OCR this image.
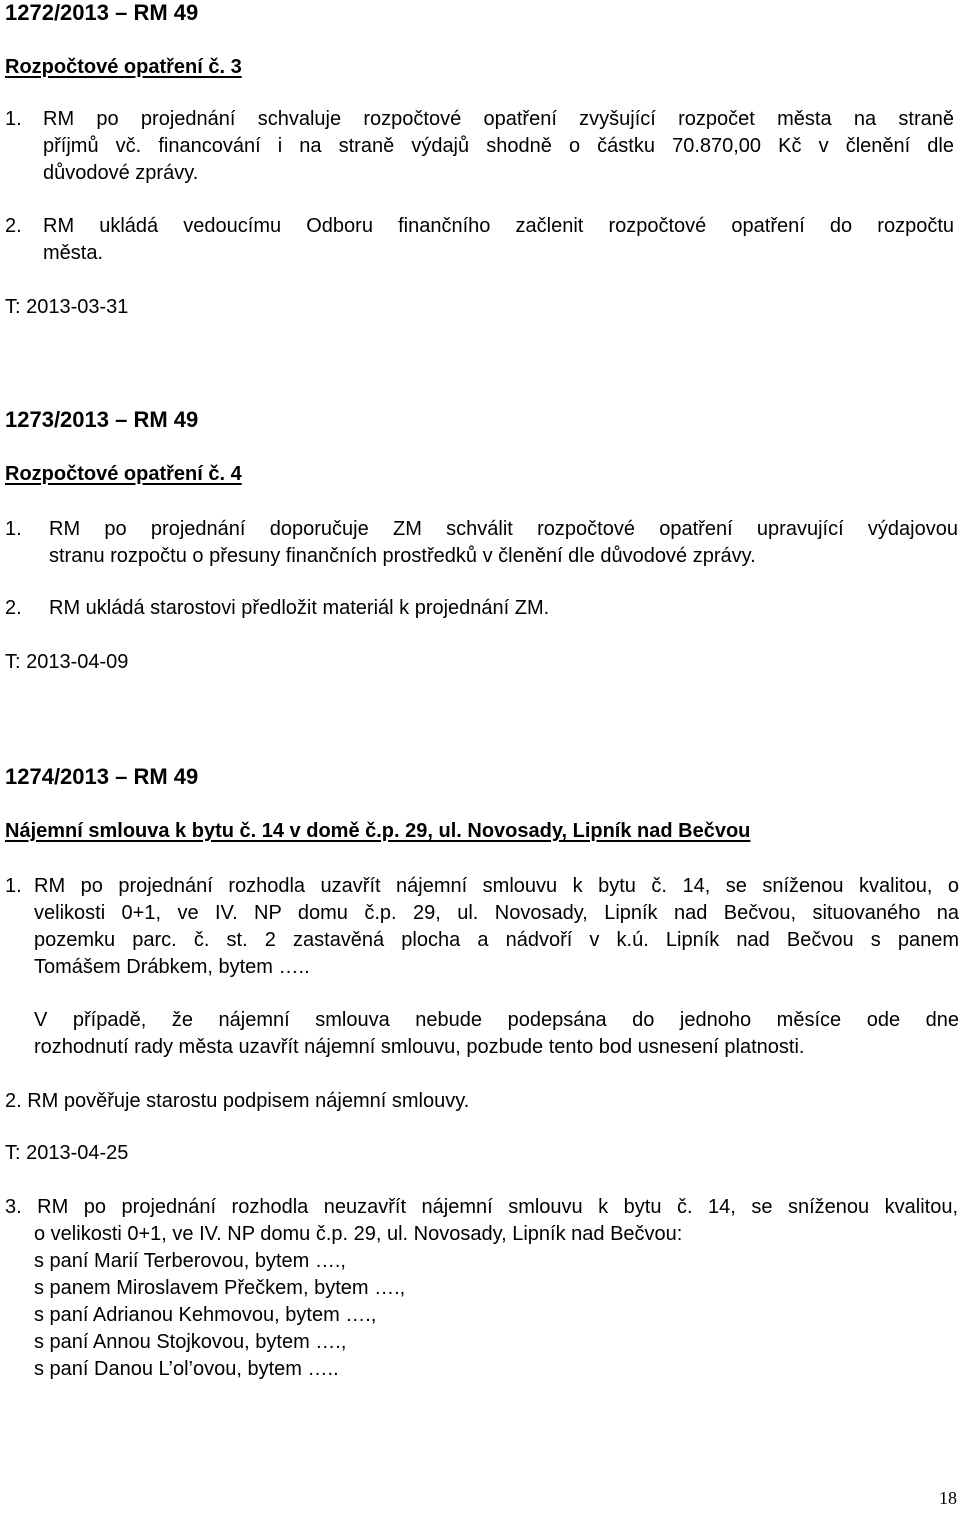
1272/2013 – RM 49
Rozpočtové opatření č. 3
1. RM po projednání schvaluje rozpočtové opatření zvyšující rozpočet města na straně
příjmů vč. financování i na straně výdajů shodně o částku 70.870,00 Kč v členění dle
důvodové zprávy.
2. RM ukládá vedoucímu Odboru finančního začlenit rozpočtové opatření do rozpočtu
města.
T: 2013-03-31
1273/2013 – RM 49
Rozpočtové opatření č. 4
1. RM po projednání doporučuje ZM schválit rozpočtové opatření upravující výdajovou
stranu rozpočtu o přesuny finančních prostředků v členění dle důvodové zprávy.
2. RM ukládá starostovi předložit materiál k projednání ZM.
T: 2013-04-09
1274/2013 – RM 49
Nájemní smlouva k bytu č. 14 v domě č.p. 29, ul. Novosady, Lipník nad Bečvou
1. RM po projednání rozhodla uzavřít nájemní smlouvu k bytu č. 14, se sníženou kvalitou, o
velikosti 0+1, ve IV. NP domu č.p. 29, ul. Novosady, Lipník nad Bečvou, situovaného na
pozemku parc. č. st. 2 zastavěná plocha a nádvoří v k.ú. Lipník nad Bečvou s panem
Tomášem Drábkem, bytem …..
V případě, že nájemní smlouva nebude podepsána do jednoho měsíce ode dne
rozhodnutí rady města uzavřít nájemní smlouvu, pozbude tento bod usnesení platnosti.
2. RM pověřuje starostu podpisem nájemní smlouvy.
T: 2013-04-25
3. RM po projednání rozhodla neuzavřít nájemní smlouvu k bytu č. 14, se sníženou kvalitou,
o velikosti 0+1, ve IV. NP domu č.p. 29, ul. Novosady, Lipník nad Bečvou:
s paní Marií Terberovou, bytem ….,
s panem Miroslavem Přečkem, bytem ….,
s paní Adrianou Kehmovou, bytem ….,
s paní Annou Stojkovou, bytem ….,
s paní Danou L’ol’ovou, bytem …..
18
